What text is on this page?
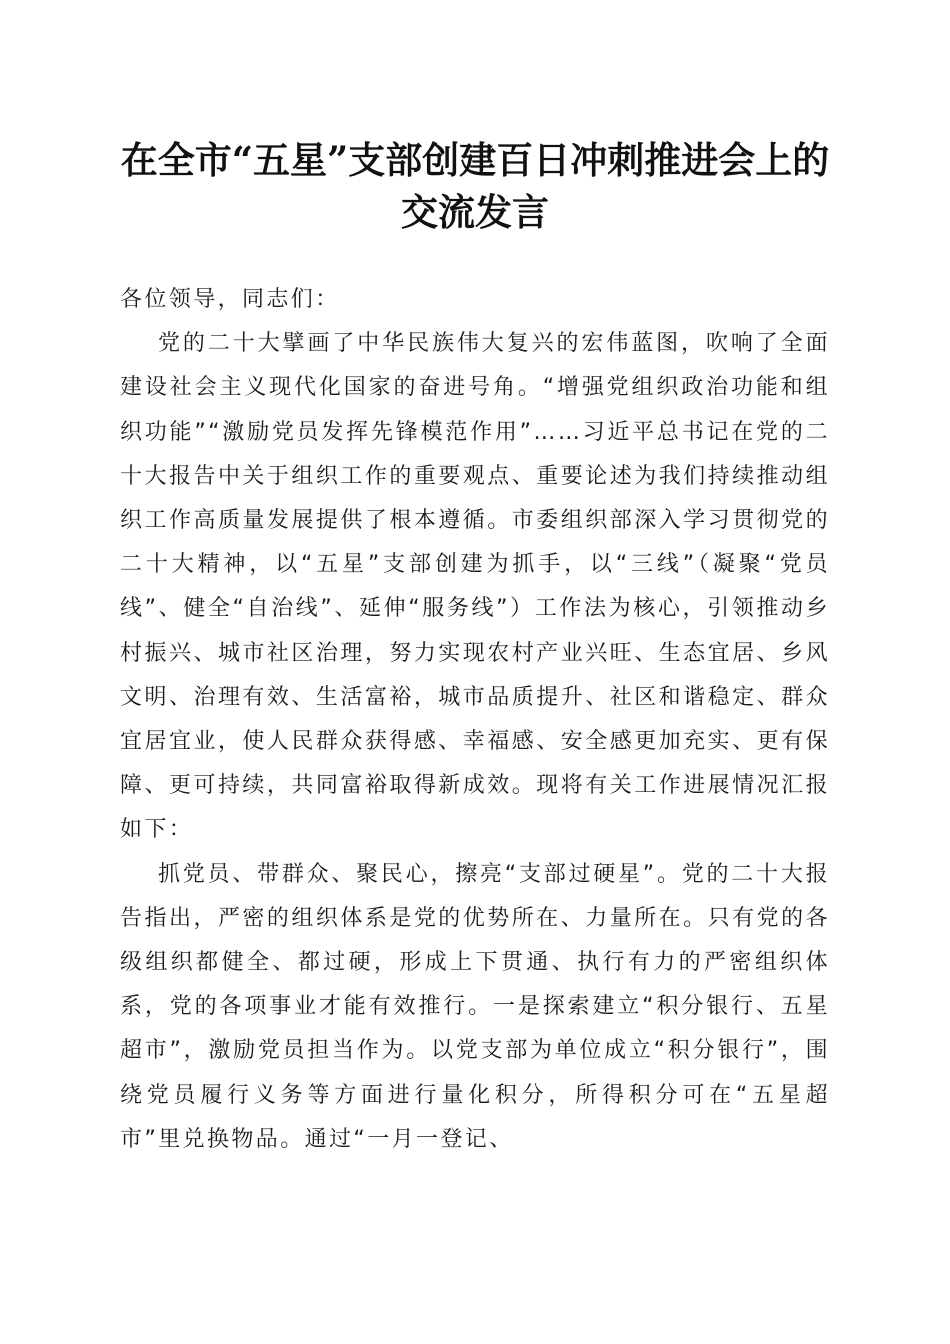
在全市“五星”支部创建百日冲刺推进会上的
交流发言

各位领导，同志们：

党的二十大擘画了中华民族伟大复兴的宏伟蓝图，吹响了全面建设社会主义现代化国家的奋进号角。“增强党组织政治功能和组织功能”“激励党员发挥先锋模范作用”……习近平总书记在党的二十大报告中关于组织工作的重要观点、重要论述为我们持续推动组织工作高质量发展提供了根本遵循。市委组织部深入学习贯彻党的二十大精神，以“五星”支部创建为抓手，以“三线”（凝聚“党员线”、健全“自治线”、延伸“服务线”）工作法为核心，引领推动乡村振兴、城市社区治理，努力实现农村产业兴旺、生态宜居、乡风文明、治理有效、生活富裕，城市品质提升、社区和谐稳定、群众宜居宜业，使人民群众获得感、幸福感、安全感更加充实、更有保障、更可持续，共同富裕取得新成效。现将有关工作进展情况汇报如下：

抓党员、带群众、聚民心，擦亮“支部过硬星”。党的二十大报告指出，严密的组织体系是党的优势所在、力量所在。只有党的各级组织都健全、都过硬，形成上下贯通、执行有力的严密组织体系，党的各项事业才能有效推行。一是探索建立“积分银行、五星超市”，激励党员担当作为。以党支部为单位成立“积分银行”，围绕党员履行义务等方面进行量化积分，所得积分可在“五星超市”里兑换物品。通过“一月一登记、
